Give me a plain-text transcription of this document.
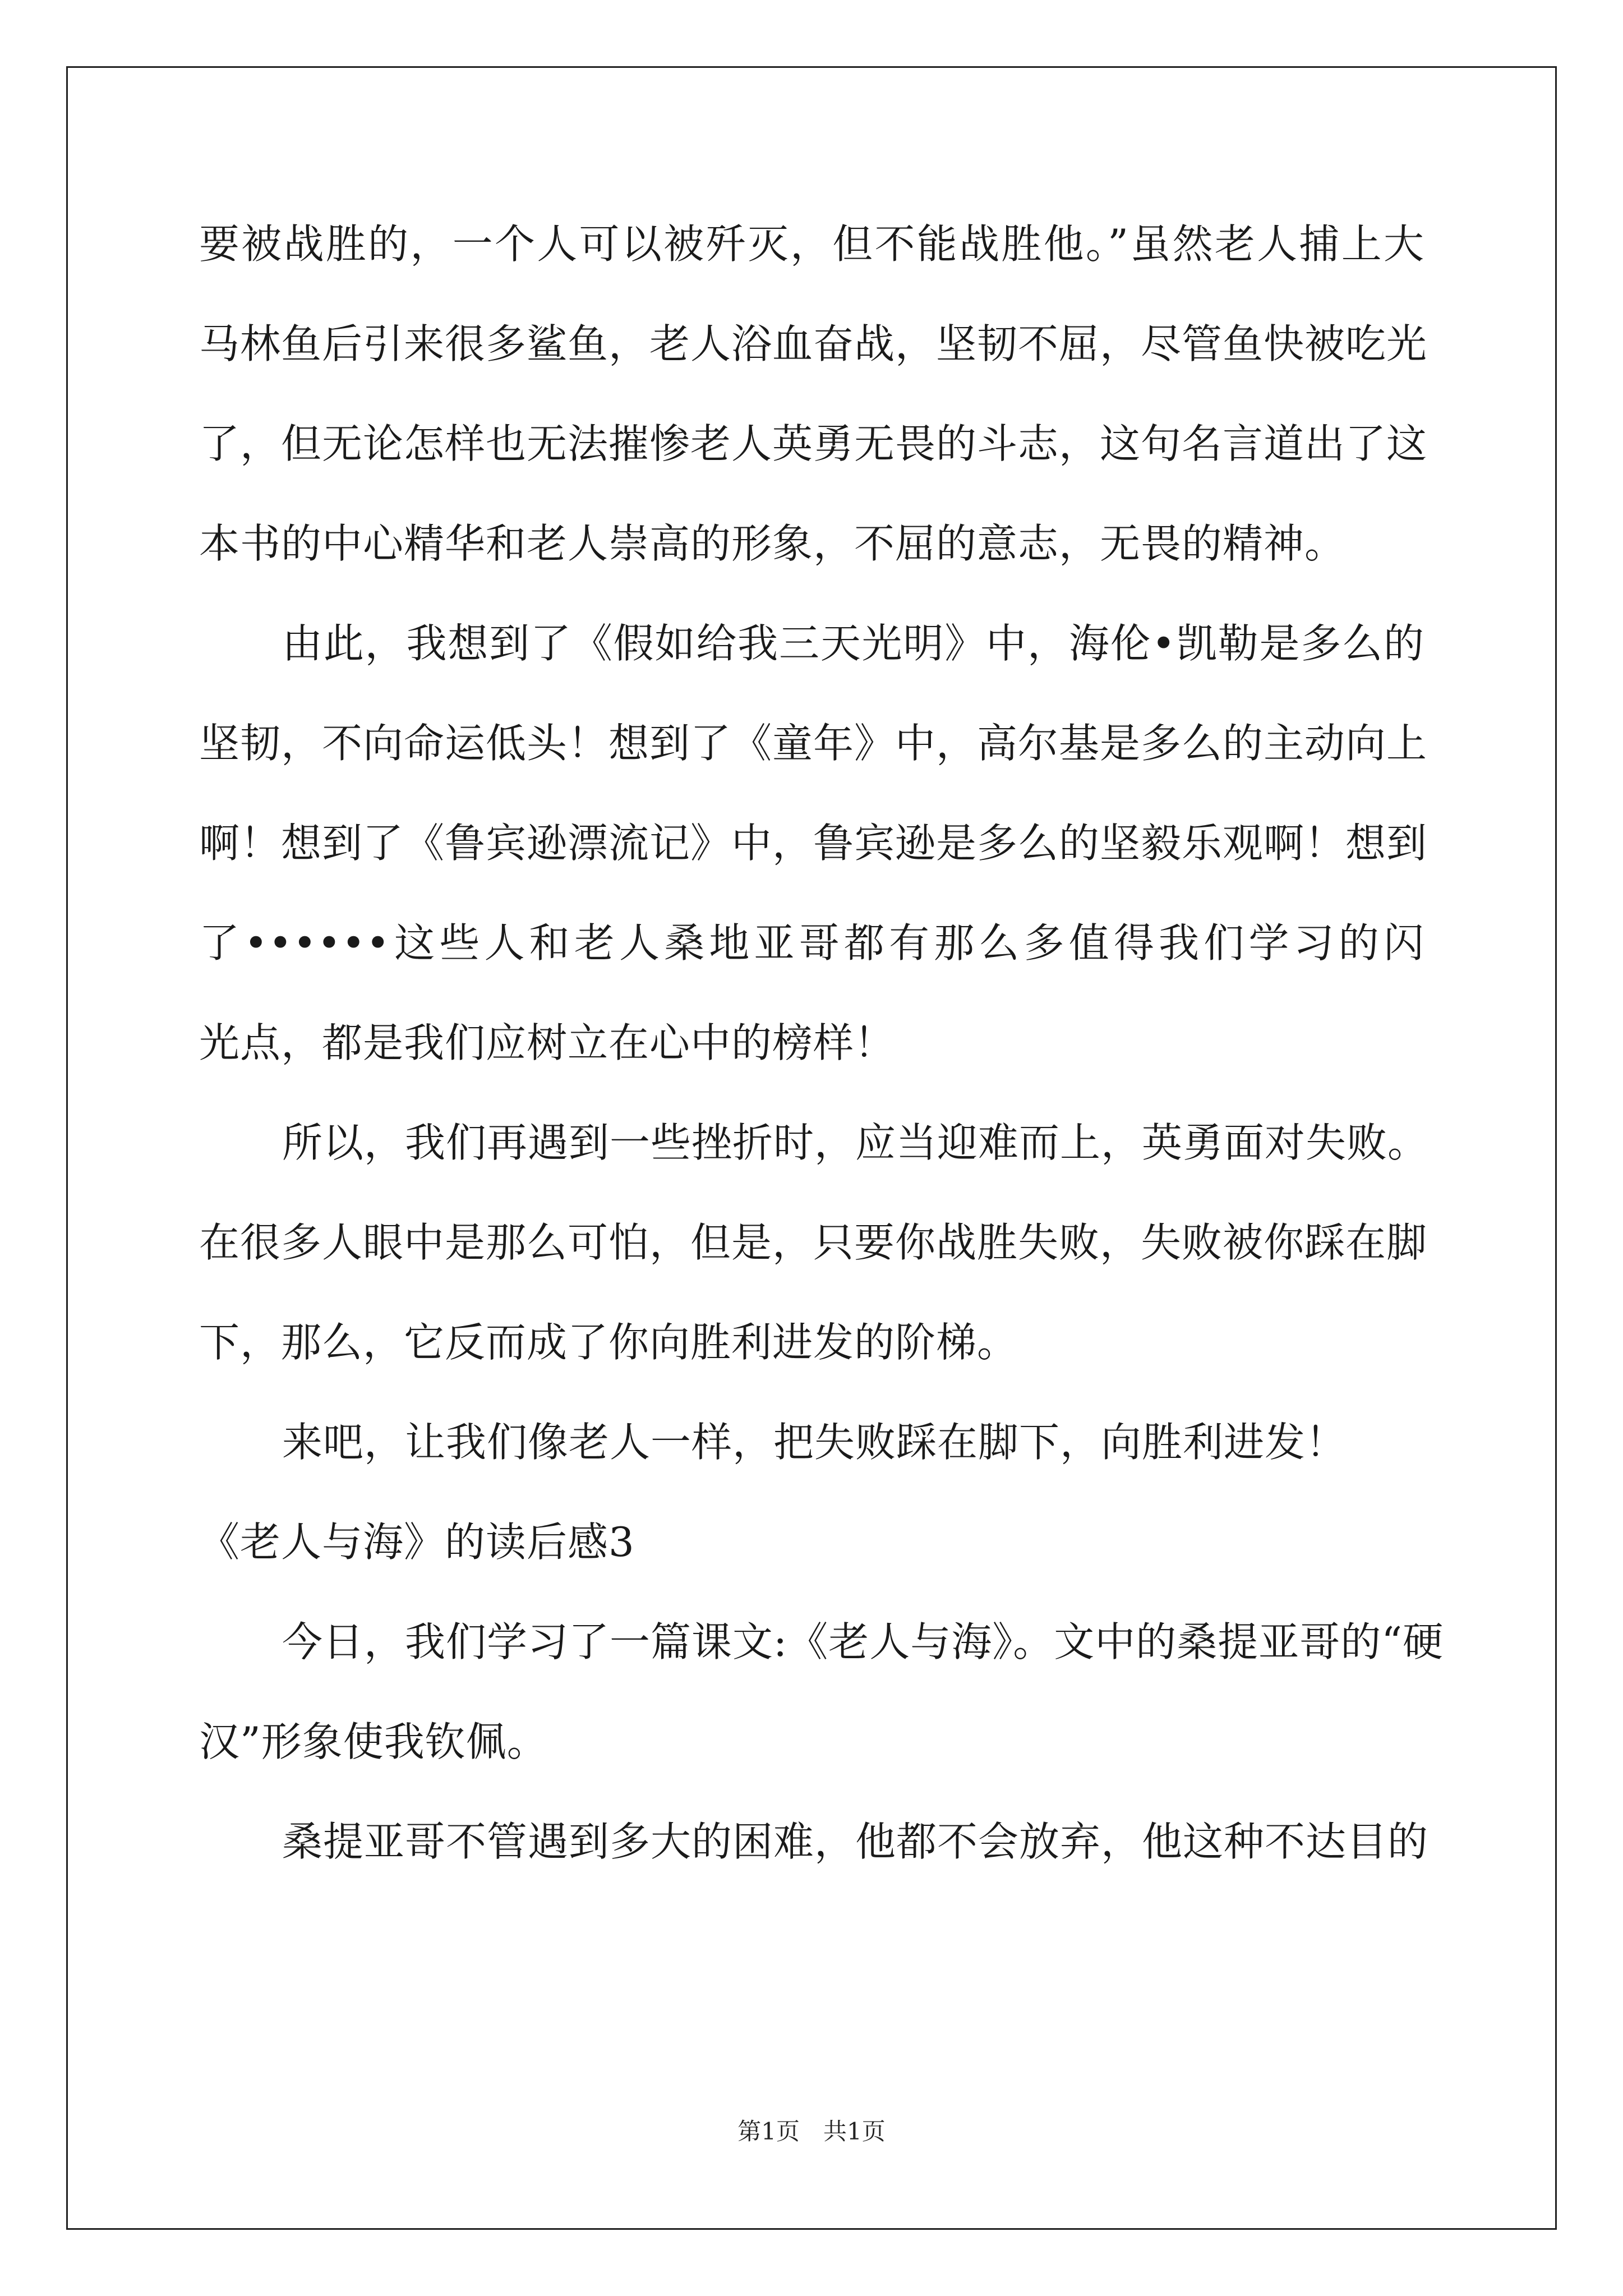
要被战胜的，一个人可以被歼灭，但不能战胜他。”虽然老人捕上大
马林鱼后引来很多鲨鱼，老人浴血奋战，坚韧不屈，尽管鱼快被吃光
了，但无论怎样也无法摧惨老人英勇无畏的斗志，这句名言道出了这
本书的中心精华和老人崇高的形象，不屈的意志，无畏的精神。
由此，我想到了《假如给我三天光明》中，海伦•凯勒是多么的
坚韧，不向命运低头！想到了《童年》中，高尔基是多么的主动向上
啊！想到了《鲁宾逊漂流记》中，鲁宾逊是多么的坚毅乐观啊！想到
了••••••这些人和老人桑地亚哥都有那么多值得我们学习的闪
光点，都是我们应树立在心中的榜样！
所以，我们再遇到一些挫折时，应当迎难而上，英勇面对失败。
在很多人眼中是那么可怕，但是，只要你战胜失败，失败被你踩在脚
下，那么，它反而成了你向胜利进发的阶梯。
来吧，让我们像老人一样，把失败踩在脚下，向胜利进发！
《老人与海》的读后感3
今日，我们学习了一篇课文:《老人与海》。文中的桑提亚哥的“硬
汉”形象使我钦佩。
桑提亚哥不管遇到多大的困难，他都不会放弃，他这种不达目的
第1页　共1页
